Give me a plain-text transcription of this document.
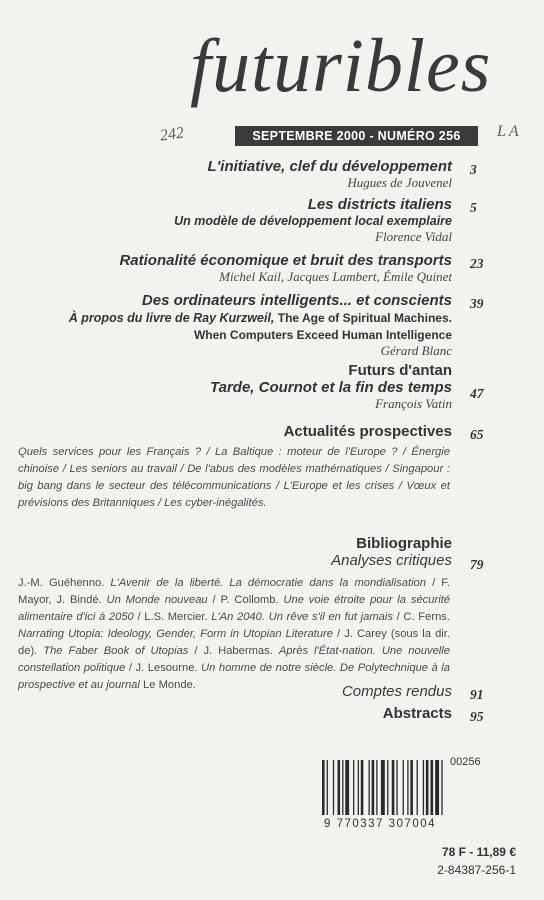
futuribles
SEPTEMBRE 2000 - NUMÉRO 256
242	LA
L'initiative, clef du développement
Hugues de Jouvenel
3
Les districts italiens
Un modèle de développement local exemplaire
Florence Vidal
5
Rationalité économique et bruit des transports
Michel Kail, Jacques Lambert, Émile Quinet
23
Des ordinateurs intelligents... et conscients
À propos du livre de Ray Kurzweil, The Age of Spiritual Machines.
When Computers Exceed Human Intelligence
Gérard Blanc
39
Futurs d'antan
Tarde, Cournot et la fin des temps
François Vatin
47
Actualités prospectives 65
Quels services pour les Français ? / La Baltique : moteur de l'Europe ? / Énergie chinoise / Les seniors au travail / De l'abus des modèles mathématiques / Singapour : big bang dans le secteur des télécommunications / L'Europe et les crises / Vœux et prévisions des Britanniques / Les cyber-inégalités.
Bibliographie
Analyses critiques 79
J.-M. Guéhenno. L'Avenir de la liberté. La démocratie dans la mondialisation / F. Mayor, J. Bindé. Un Monde nouveau / P. Collomb. Une voie étroite pour la sécurité alimentaire d'ici à 2050 / L.S. Mercier. L'An 2040. Un rêve s'il en fut jamais / C. Ferns. Narrating Utopia: Ideology, Gender, Form in Utopian Literature / J. Carey (sous la dir. de). The Faber Book of Utopias / J. Habermas. Après l'État-nation. Une nouvelle constellation politique / J. Lesourne. Un homme de notre siècle. De Polytechnique à la prospective et au journal Le Monde.	Comptes rendus 91
Abstracts 95
00256
9 770337 307004
78 F - 11,89 €
2-84387-256-1
